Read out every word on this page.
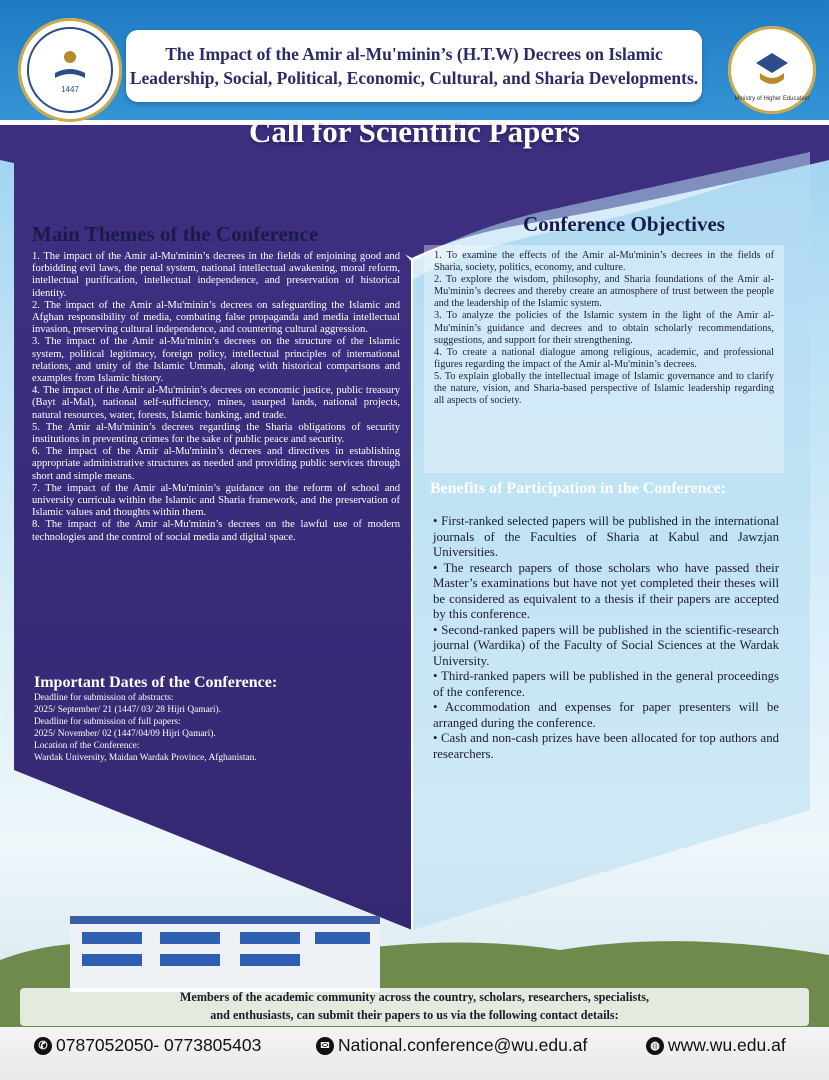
1447
Ministry of Higher Education
The Impact of the Amir al-Mu'minin’s (H.T.W) Decrees on Islamic
Leadership, Social, Political, Economic, Cultural, and Sharia Developments.
Call for Scientific Papers
Main Themes of the Conference	Conference Objectives

1. The impact of the Amir al-Mu'minin’s decrees in the fields of enjoining good and forbidding evil laws, the penal system, national intellectual awakening, moral reform, intellectual purification, intellectual independence, and preservation of historical identity.

2. The impact of the Amir al-Mu'minin’s decrees on safeguarding the Islamic and Afghan responsibility of media, combating false propaganda and media intellectual invasion, preserving cultural independence, and countering cultural aggression.

3. The impact of the Amir al-Mu'minin’s decrees on the structure of the Islamic system, political legitimacy, foreign policy, intellectual principles of international relations, and unity of the Islamic Ummah, along with historical comparisons and examples from Islamic history.

4. The impact of the Amir al-Mu'minin’s decrees on economic justice, public treasury (Bayt al-Mal), national self-sufficiency, mines, usurped lands, national projects, natural resources, water, forests, Islamic banking, and trade.

5. The Amir al-Mu'minin’s decrees regarding the Sharia obligations of security institutions in preventing crimes for the sake of public peace and security.

6. The impact of the Amir al-Mu'minin’s decrees and directives in establishing appropriate administrative structures as needed and providing public services through short and simple means.

7. The impact of the Amir al-Mu'minin’s guidance on the reform of school and university curricula within the Islamic and Sharia framework, and the preservation of Islamic values and thoughts within them.

8. The impact of the Amir al-Mu'minin’s decrees on the lawful use of modern technologies and the control of social media and digital space.

Important Dates of the Conference:

Deadline for submission of abstracts:

2025/ September/ 21 (1447/ 03/ 28 Hijri Qamari).

Deadline for submission of full papers:

2025/ November/ 02 (1447/04/09 Hijri Qamari).

Location of the Conference:

Wardak University, Maidan Wardak Province, Afghanistan.

1. To examine the effects of the Amir al-Mu'minin’s decrees in the fields of Sharia, society, politics, economy, and culture.

2. To explore the wisdom, philosophy, and Sharia foundations of the Amir al-Mu'minin’s decrees and thereby create an atmosphere of trust between the people and the leadership of the Islamic system.

3. To analyze the policies of the Islamic system in the light of the Amir al-Mu'minin’s guidance and decrees and to obtain scholarly recommendations, suggestions, and support for their strengthening.

4. To create a national dialogue among religious, academic, and professional figures regarding the impact of the Amir al-Mu'minin’s decrees.

5. To explain globally the intellectual image of Islamic governance and to clarify the nature, vision, and Sharia-based perspective of Islamic leadership regarding all aspects of society.

Benefits of Participation in the Conference:

• First-ranked selected papers will be published in the international journals of the Faculties of Sharia at Kabul and Jawzjan Universities.

• The research papers of those scholars who have passed their Master’s examinations but have not yet completed their theses will be considered as equivalent to a thesis if their papers are accepted by this conference.

• Second-ranked papers will be published in the scientific-research journal (Wardika) of the Faculty of Social Sciences at the Wardak University.

• Third-ranked papers will be published in the general proceedings of the conference.

• Accommodation and expenses for paper presenters will be arranged during the conference.

• Cash and non-cash prizes have been allocated for top authors and researchers.

Members of the academic community across the country, scholars, researchers, specialists,
and enthusiasts, can submit their papers to us via the following contact details:
✆ 0787052050- 0773805403	✉ National.conference@wu.edu.af	◍ www.wu.edu.af
